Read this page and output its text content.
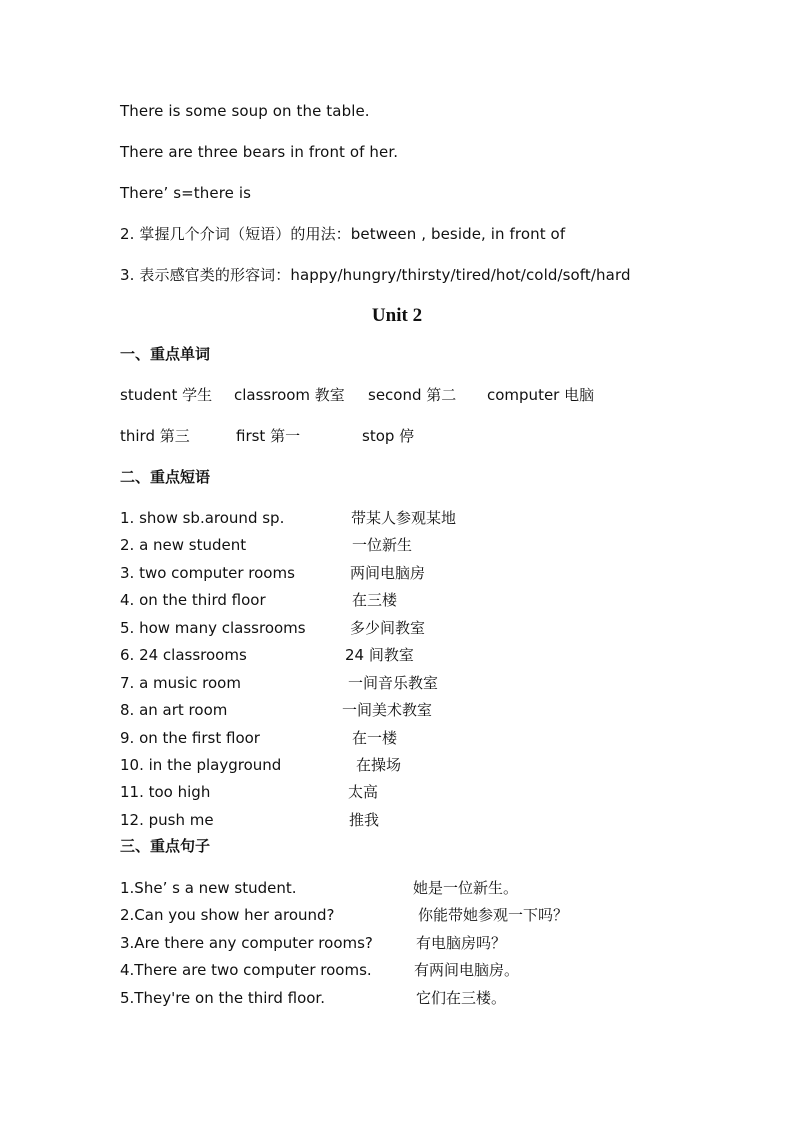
There is some soup on the table.
There are three bears in front of her.
There’ s=there is
2. 掌握几个介词（短语）的用法：between , beside, in front of
3. 表示感官类的形容词：happy/hungry/thirsty/tired/hot/cold/soft/hard
Unit 2
一、重点单词
student 学生 classroom 教室 second 第二 computer 电脑
third 第三	first 第一	stop 停
二、重点短语
1. show sb.around sp.	带某人参观某地
2. a new student	一位新生
3. two computer rooms	两间电脑房
4. on the third floor	在三楼
5. how many classrooms	多少间教室
6. 24 classrooms	24 间教室
7. a music room	一间音乐教室
8. an art room	一间美术教室
9. on the first floor	在一楼
10. in the playground	在操场
11. too high	太高
12. push me	推我
三、重点句子
1.She’ s a new student.	她是一位新生。
2.Can you show her around?	你能带她参观一下吗？
3.Are there any computer rooms?	有电脑房吗？
4.There are two computer rooms.	有两间电脑房。
5.They're on the third floor.	它们在三楼。
